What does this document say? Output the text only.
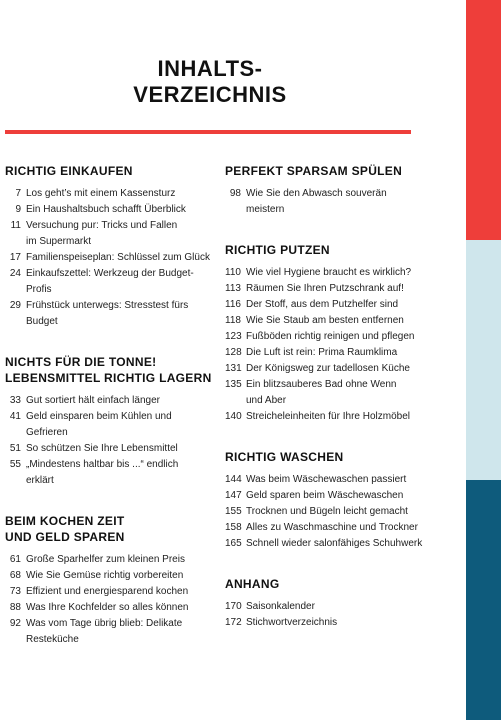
INHALTS-
VERZEICHNIS
RICHTIG EINKAUFEN
7 Los geht’s mit einem Kassensturz
9 Ein Haushaltsbuch schafft Überblick
11 Versuchung pur: Tricks und Fallen
im Supermarkt
17 Familienspeiseplan: Schlüssel zum Glück
24 Einkaufszettel: Werkzeug der Budget-
Profis
29 Frühstück unterwegs: Stresstest fürs
Budget
NICHTS FÜR DIE TONNE!
LEBENSMITTEL RICHTIG LAGERN
33 Gut sortiert hält einfach länger
41 Geld einsparen beim Kühlen und
Gefrieren
51 So schützen Sie Ihre Lebensmittel
55 „Mindestens haltbar bis ...“ endlich
erklärt
BEIM KOCHEN ZEIT
UND GELD SPAREN
61 Große Sparhelfer zum kleinen Preis
68 Wie Sie Gemüse richtig vorbereiten
73 Effizient und energiesparend kochen
88 Was Ihre Kochfelder so alles können
92 Was vom Tage übrig blieb: Delikate
Resteküche
PERFEKT SPARSAM SPÜLEN
98 Wie Sie den Abwasch souverän
meistern
RICHTIG PUTZEN
110 Wie viel Hygiene braucht es wirklich?
113 Räumen Sie Ihren Putzschrank auf!
116 Der Stoff, aus dem Putzhelfer sind
118 Wie Sie Staub am besten entfernen
123 Fußböden richtig reinigen und pflegen
128 Die Luft ist rein: Prima Raumklima
131 Der Königsweg zur tadellosen Küche
135 Ein blitzsauberes Bad ohne Wenn
und Aber
140 Streicheleinheiten für Ihre Holzmöbel
RICHTIG WASCHEN
144 Was beim Wäschewaschen passiert
147 Geld sparen beim Wäschewaschen
155 Trocknen und Bügeln leicht gemacht
158 Alles zu Waschmaschine und Trockner
165 Schnell wieder salonfähiges Schuhwerk
ANHANG
170 Saisonkalender
172 Stichwortverzeichnis
